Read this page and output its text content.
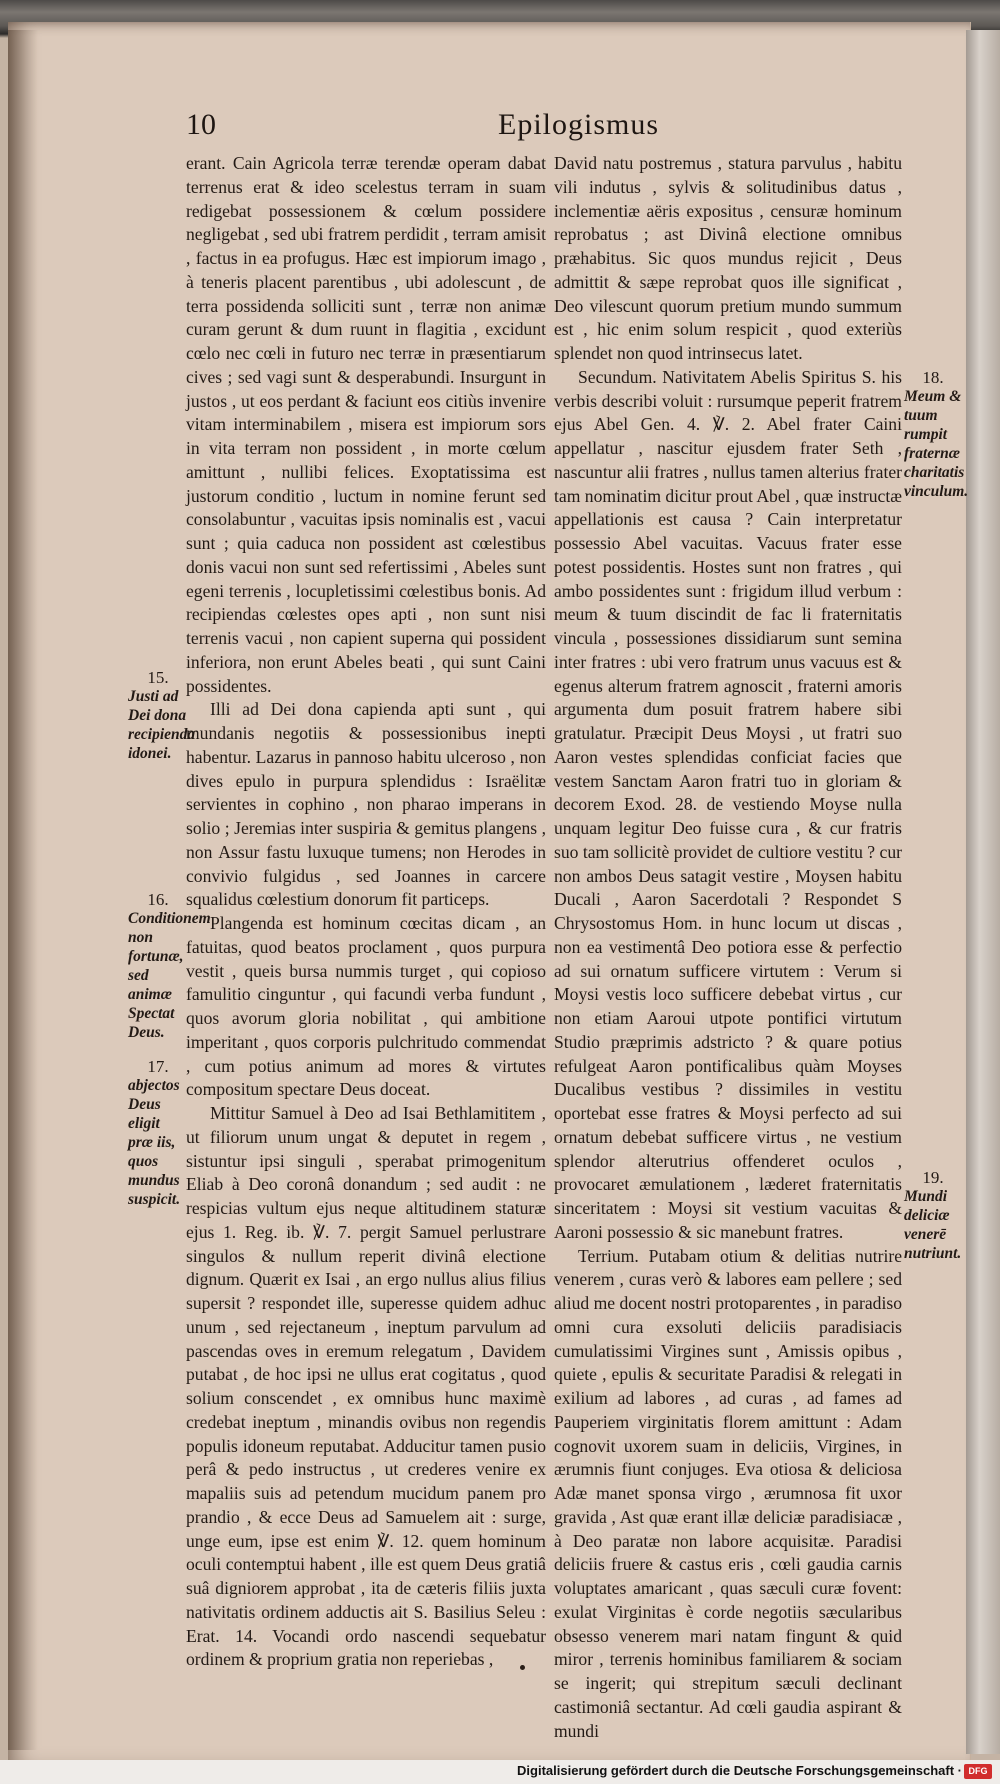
10	Epilogismus

erant. Cain Agricola terræ terendæ operam dabat terrenus erat & ideo scelestus terram in suam redigebat possessionem & cœlum possidere negligebat , sed ubi fratrem perdidit , terram amisit , factus in ea profugus. Hæc est impiorum imago , à teneris placent parentibus , ubi adolescunt , de terra possidenda solliciti sunt , terræ non animæ curam gerunt & dum ruunt in flagitia , excidunt cœlo nec cœli in futuro nec terræ in præsentiarum cives ; sed vagi sunt & desperabundi. Insurgunt in justos , ut eos perdant & faciunt eos citiùs invenire vitam interminabilem , misera est impiorum sors in vita terram non possident , in morte cœlum amittunt , nullibi felices. Exoptatissima est justorum conditio , luctum in nomine ferunt sed consolabuntur , vacuitas ipsis nominalis est , vacui sunt ; quia caduca non possident ast cœlestibus donis vacui non sunt sed refertissimi , Abeles sunt egeni terrenis , locupletissimi cœlestibus bonis. Ad recipiendas cœlestes opes apti , non sunt nisi terrenis vacui , non capient superna qui possident inferiora, non erunt Abeles beati , qui sunt Caini possidentes.

Illi ad Dei dona capienda apti sunt , qui mundanis negotiis & possessionibus inepti habentur. Lazarus in pannoso habitu ulceroso , non dives epulo in purpura splendidus : Israëlitæ servientes in cophino , non pharao imperans in solio ; Jeremias inter suspiria & gemitus plangens , non Assur fastu luxuque tumens; non Herodes in convivio fulgidus , sed Joannes in carcere squalidus cœlestium donorum fit particeps.

Plangenda est hominum cœcitas dicam , an fatuitas, quod beatos proclament , quos purpura vestit , queis bursa nummis turget , qui copioso famulitio cinguntur , qui facundi verba fundunt , quos avorum gloria nobilitat , qui ambitione imperitant , quos corporis pulchritudo commendat , cum potius animum ad mores & virtutes compositum spectare Deus doceat.

Mittitur Samuel à Deo ad Isai Bethlamititem , ut filiorum unum ungat & deputet in regem , sistuntur ipsi singuli , sperabat primogenitum Eliab à Deo coronâ donandum ; sed audit : ne respicias vultum ejus neque altitudinem staturæ ejus 1. Reg. ib. ℣. 7. pergit Samuel perlustrare singulos & nullum reperit divinâ electione dignum. Quærit ex Isai , an ergo nullus alius filius supersit ? respondet ille, superesse quidem adhuc unum , sed rejectaneum , ineptum parvulum ad pascendas oves in eremum relegatum , Davidem putabat , de hoc ipsi ne ullus erat cogitatus , quod solium conscendet , ex omnibus hunc maximè credebat ineptum , minandis ovibus non regendis populis idoneum reputabat. Adducitur tamen pusio perâ & pedo instructus , ut crederes venire ex mapaliis suis ad petendum mucidum panem pro prandio , & ecce Deus ad Samuelem ait : surge, unge eum, ipse est enim ℣. 12. quem hominum oculi contemptui habent , ille est quem Deus gratiâ suâ digniorem approbat , ita de cæteris filiis juxta nativitatis ordinem adductis ait S. Basilius Seleu : Erat. 14. Vocandi ordo nascendi sequebatur ordinem & proprium gratia non reperiebas ,

David natu postremus , statura parvulus , habitu vili indutus , sylvis & solitudinibus datus , inclementiæ aëris expositus , censuræ hominum reprobatus ; ast Divinâ electione omnibus præhabitus. Sic quos mundus rejicit , Deus admittit & sæpe reprobat quos ille significat , Deo vilescunt quorum pretium mundo summum est , hic enim solum respicit , quod exteriùs splendet non quod intrinsecus latet.

Secundum. Nativitatem Abelis Spiritus S. his verbis describi voluit : rursumque peperit fratrem ejus Abel Gen. 4. ℣. 2. Abel frater Caini appellatur , nascitur ejusdem frater Seth , nascuntur alii fratres , nullus tamen alterius frater tam nominatim dicitur prout Abel , quæ instructæ appellationis est causa ? Cain interpretatur possessio Abel vacuitas. Vacuus frater esse potest possidentis. Hostes sunt non fratres , qui ambo possidentes sunt : frigidum illud verbum : meum & tuum discindit de fac li fraternitatis vincula , possessiones dissidiarum sunt semina inter fratres : ubi vero fratrum unus vacuus est & egenus alterum fratrem agnoscit , fraterni amoris argumenta dum posuit fratrem habere sibi gratulatur. Præcipit Deus Moysi , ut fratri suo Aaron vestes splendidas conficiat facies que vestem Sanctam Aaron fratri tuo in gloriam & decorem Exod. 28. de vestiendo Moyse nulla unquam legitur Deo fuisse cura , & cur fratris suo tam sollicitè providet de cultiore vestitu ? cur non ambos Deus satagit vestire , Moysen habitu Ducali , Aaron Sacerdotali ? Respondet S Chrysostomus Hom. in hunc locum ut discas , non ea vestimentâ Deo potiora esse & perfectio ad sui ornatum sufficere virtutem : Verum si Moysi vestis loco sufficere debebat virtus , cur non etiam Aaroui utpote pontifici virtutum Studio præprimis adstricto ? & quare potius refulgeat Aaron pontificalibus quàm Moyses Ducalibus vestibus ? dissimiles in vestitu oportebat esse fratres & Moysi perfecto ad sui ornatum debebat sufficere virtus , ne vestium splendor alterutrius offenderet oculos , provocaret æmulationem , læderet fraternitatis sinceritatem : Moysi sit vestium vacuitas & Aaroni possessio & sic manebunt fratres.

Terrium. Putabam otium & delitias nutrire venerem , curas verò & labores eam pellere ; sed aliud me docent nostri protoparentes , in paradiso omni cura exsoluti deliciis paradisiacis cumulatissimi Virgines sunt , Amissis opibus , quiete , epulis & securitate Paradisi & relegati in exilium ad labores , ad curas , ad fames ad Pauperiem virginitatis florem amittunt : Adam cognovit uxorem suam in deliciis, Virgines, in ærumnis fiunt conjuges. Eva otiosa & deliciosa Adæ manet sponsa virgo , ærumnosa fit uxor gravida , Ast quæ erant illæ deliciæ paradisiacæ , à Deo paratæ non labore acquisitæ. Paradisi deliciis fruere & castus eris , cœli gaudia carnis voluptates amaricant , quas sæculi curæ fovent: exulat Virginitas è corde negotiis sæcularibus obsesso venerem mari natam fingunt & quid miror , terrenis hominibus familiarem & sociam se ingerit; qui strepitum sæculi declinant castimoniâ sectantur. Ad cœli gaudia aspirant & mundi

15.
Justi ad Dei dona recipienda idonei.
16.
Conditionem non fortunæ, sed animæ Spectat Deus.
17.
abjectos Deus eligit præ iis, quos mundus suspicit.
18.
Meum & tuum rumpit fraternæ charitatis vinculum.
19.
Mundi deliciæ venerē nutriunt.
Digitalisierung gefördert durch die Deutsche Forschungsgemeinschaft · DFG
